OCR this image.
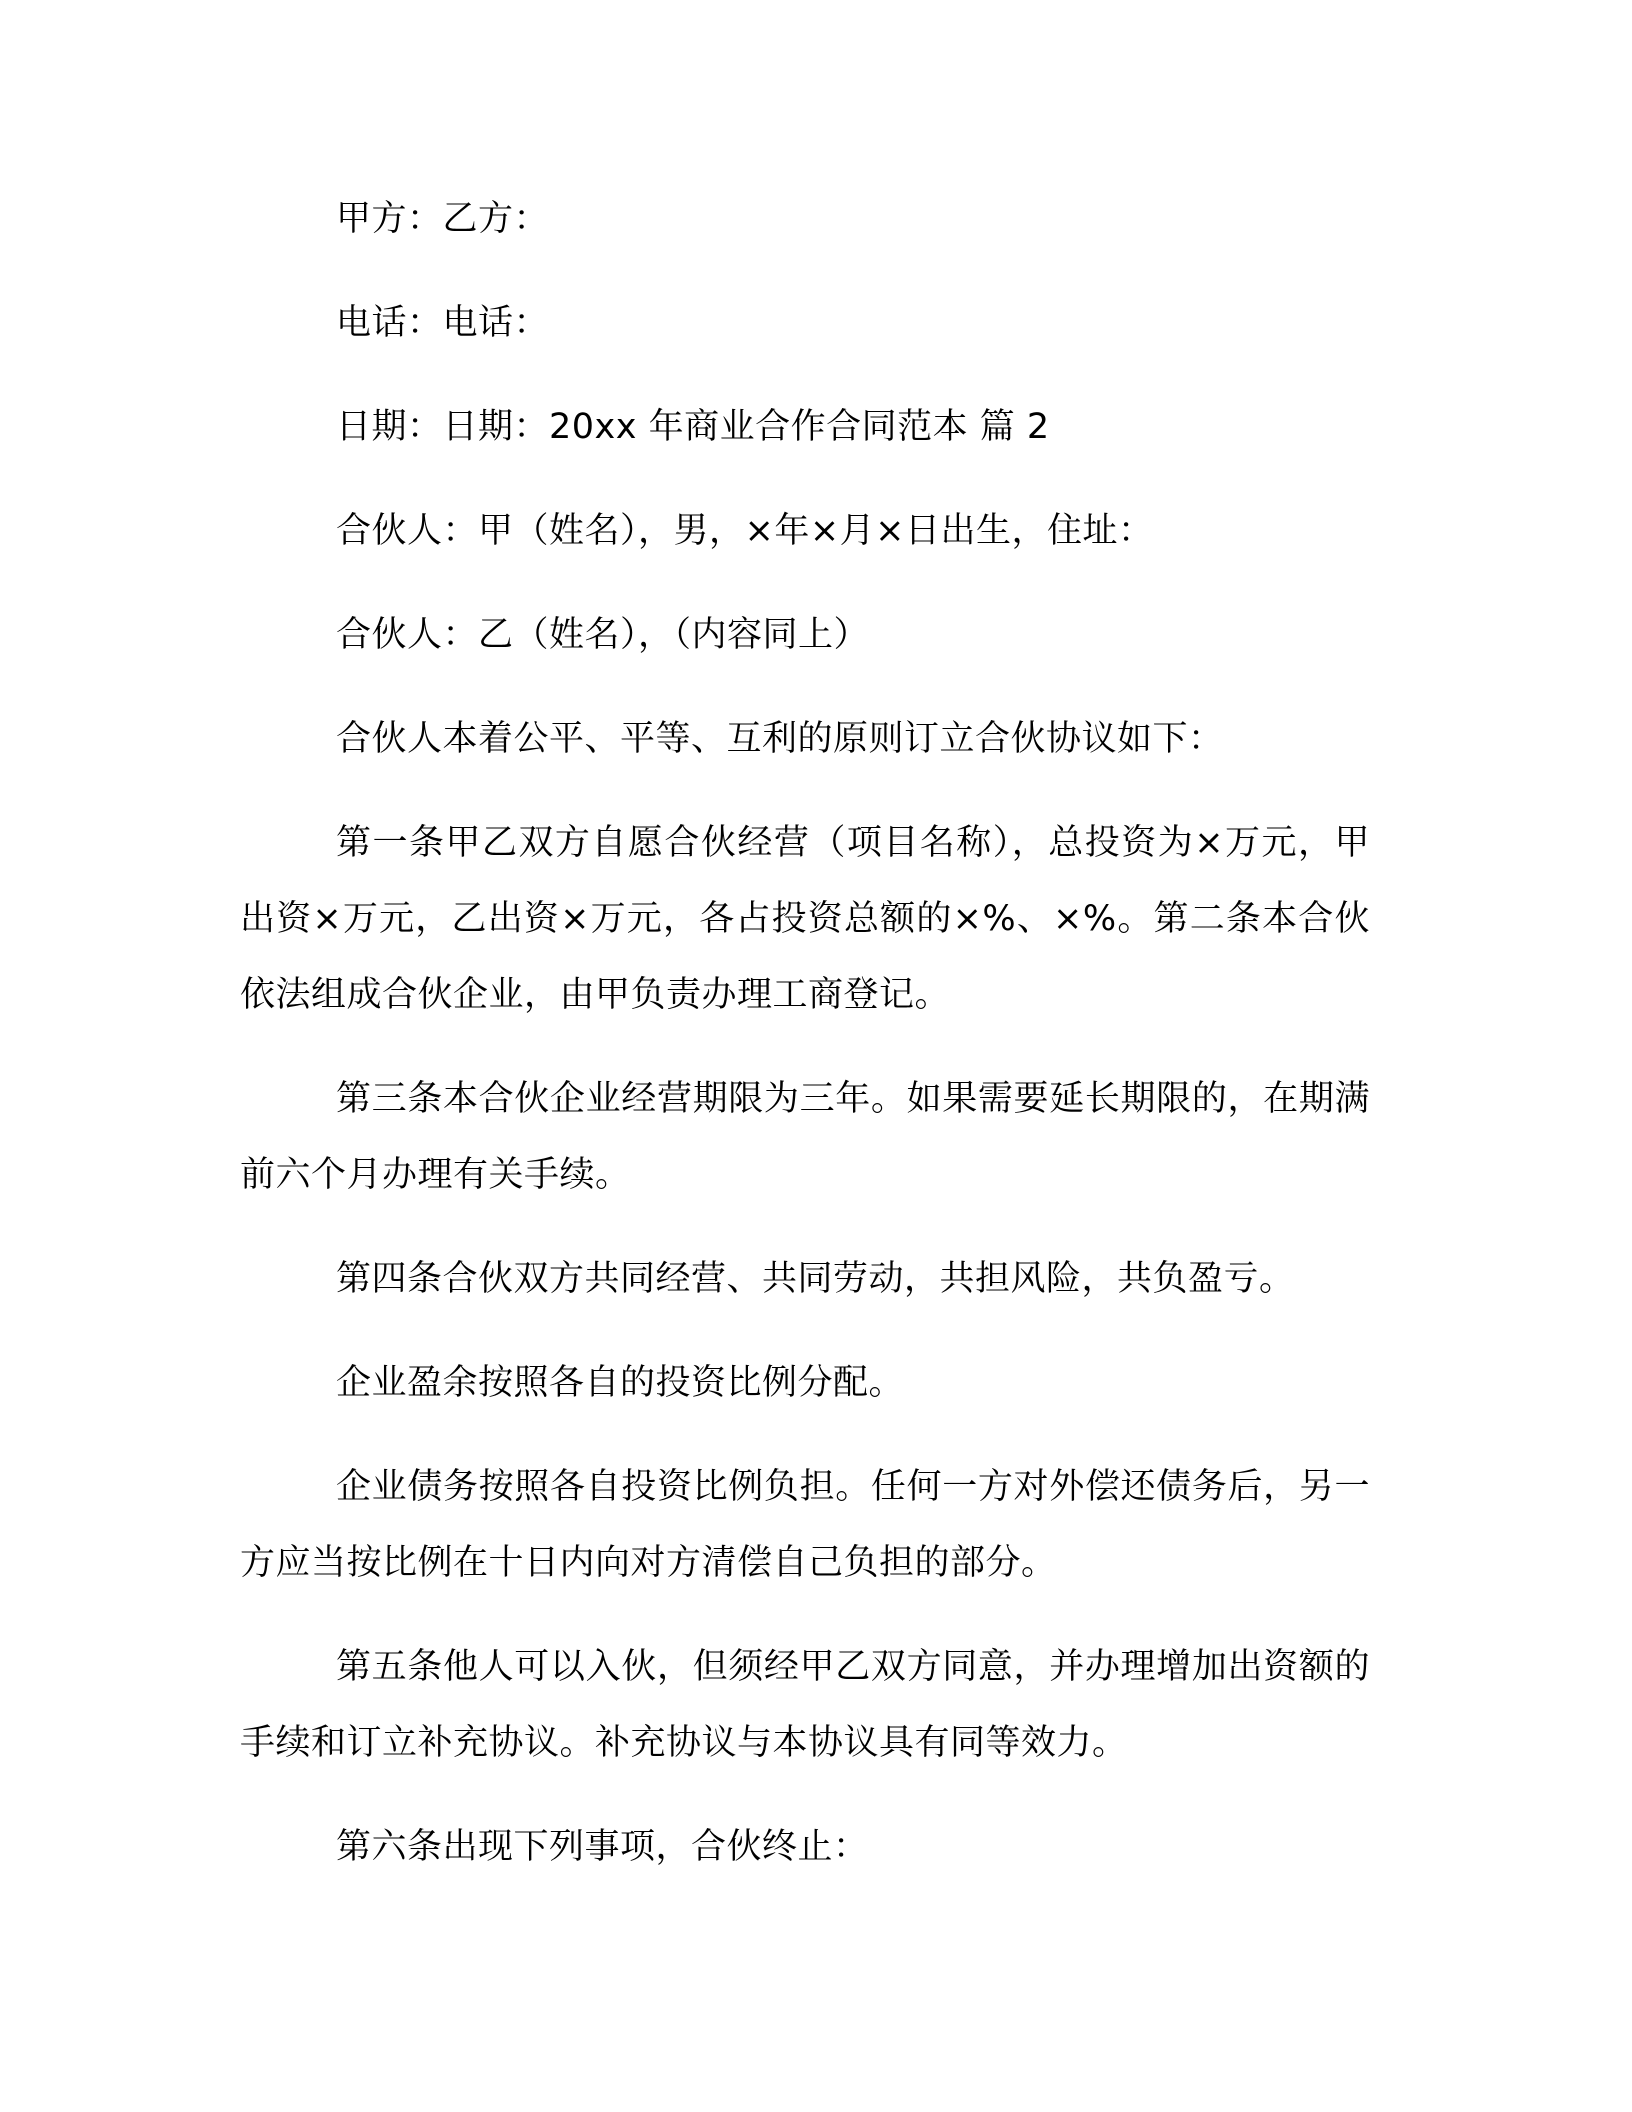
甲方：乙方：

电话：电话：

日期：日期：20xx 年商业合作合同范本 篇 2

合伙人：甲（姓名），男，×年×月×日出生，住址：

合伙人：乙（姓名），（内容同上）

合伙人本着公平、平等、互利的原则订立合伙协议如下：

第一条甲乙双方自愿合伙经营（项目名称），总投资为×万元，甲出资×万元，乙出资×万元，各占投资总额的×%、×%。第二条本合伙依法组成合伙企业，由甲负责办理工商登记。

第三条本合伙企业经营期限为三年。如果需要延长期限的，在期满前六个月办理有关手续。

第四条合伙双方共同经营、共同劳动，共担风险，共负盈亏。

企业盈余按照各自的投资比例分配。

企业债务按照各自投资比例负担。任何一方对外偿还债务后，另一方应当按比例在十日内向对方清偿自己负担的部分。

第五条他人可以入伙，但须经甲乙双方同意，并办理增加出资额的手续和订立补充协议。补充协议与本协议具有同等效力。

第六条出现下列事项，合伙终止：
